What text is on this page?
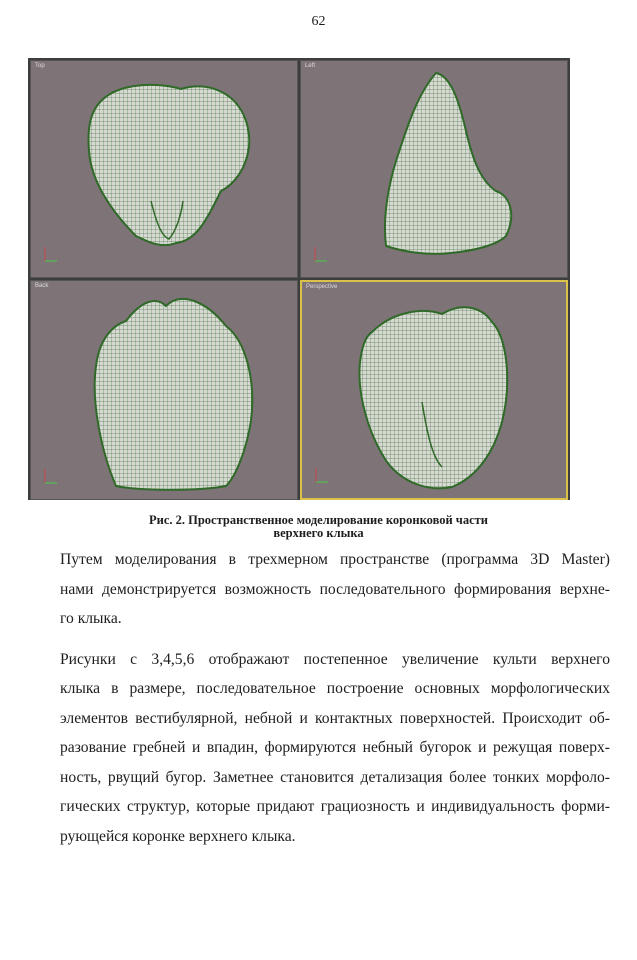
62
Top	Left
Back	Perspective
Рис. 2. Пространственное моделирование коронковой части
верхнего клыка

Путем моделирования в трехмерном пространстве (программа 3D Master)
нами демонстрируется возможность последовательного формирования верхне-
го клыка.

Рисунки с 3,4,5,6 отображают постепенное увеличение культи верхнего
клыка в размере, последовательное построение основных морфологических
элементов вестибулярной, небной и контактных поверхностей. Происходит об-
разование гребней и впадин, формируются небный бугорок и режущая поверх-
ность, рвущий бугор. Заметнее становится детализация более тонких морфоло-
гических структур, которые придают грациозность и индивидуальность форми-
рующейся коронке верхнего клыка.
